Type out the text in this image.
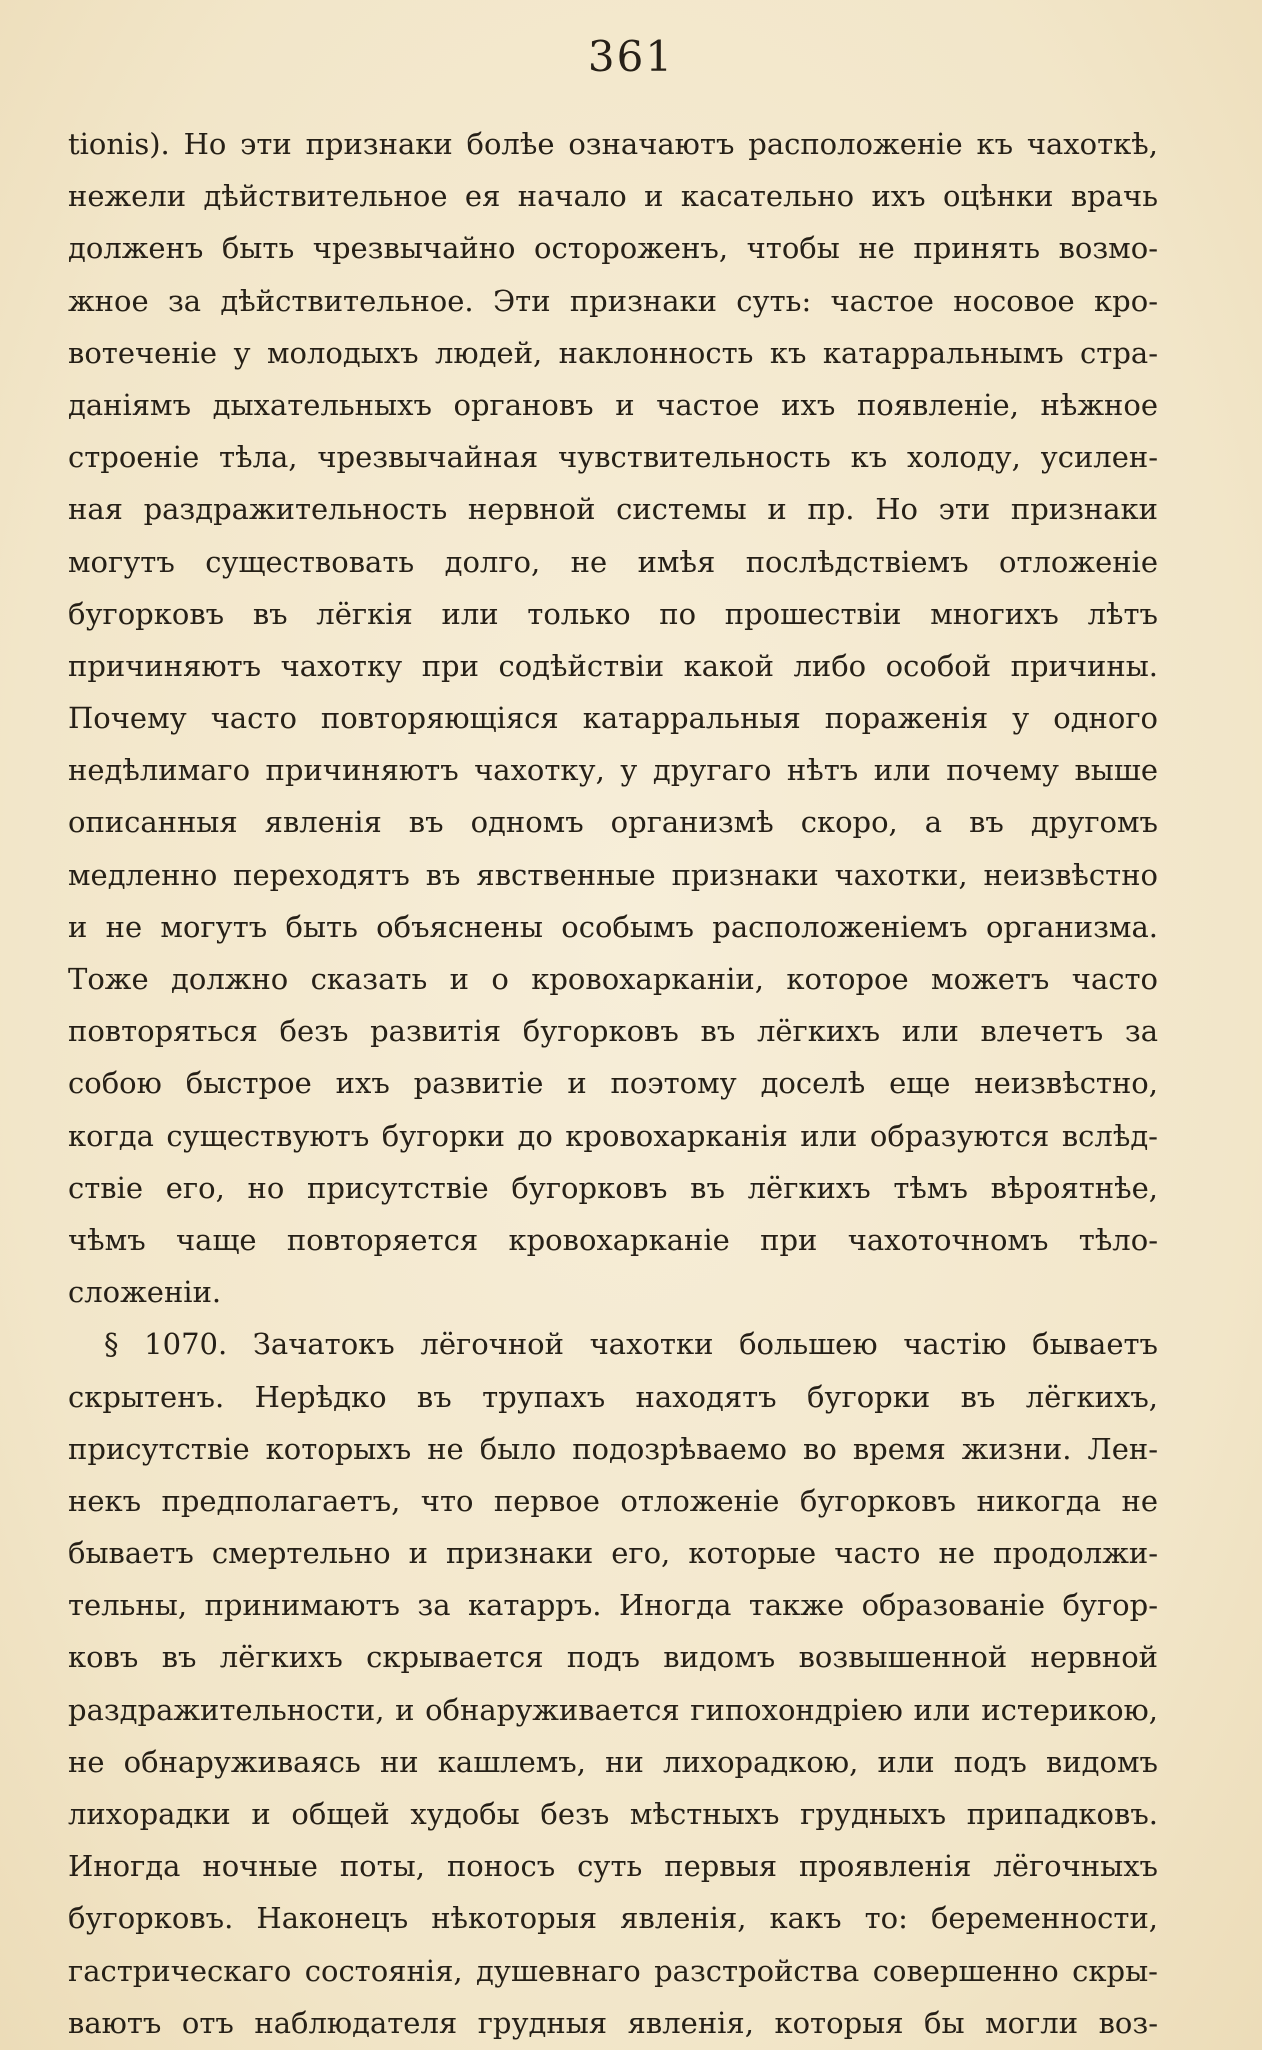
361
tionis). Но эти признаки болѣе означаютъ расположеніе къ чахоткѣ,
нежели дѣйствительное ея начало и касательно ихъ оцѣнки врачь
долженъ быть чрезвычайно остороженъ, чтобы не принять возмо-
жное за дѣйствительное. Эти признаки суть: частое носовое кро-
вотеченіе у молодыхъ людей, наклонность къ катарральнымъ стра-
даніямъ дыхательныхъ органовъ и частое ихъ появленіе, нѣжное
строеніе тѣла, чрезвычайная чувствительность къ холоду, усилен-
ная раздражительность нервной системы и пр. Но эти признаки
могутъ существовать долго, не имѣя послѣдствіемъ отложеніе
бугорковъ въ лёгкія или только по прошествіи многихъ лѣтъ
причиняютъ чахотку при содѣйствіи какой либо особой причины.
Почему часто повторяющіяся катарральныя пораженія у одного
недѣлимаго причиняютъ чахотку, у другаго нѣтъ или почему выше
описанныя явленія въ одномъ организмѣ скоро, а въ другомъ
медленно переходятъ въ явственные признаки чахотки, неизвѣстно
и не могутъ быть объяснены особымъ расположеніемъ организма.
Тоже должно сказать и о кровохарканіи, которое можетъ часто
повторяться безъ развитія бугорковъ въ лёгкихъ или влечетъ за
собою быстрое ихъ развитіе и поэтому доселѣ еще неизвѣстно,
когда существуютъ бугорки до кровохарканія или образуются вслѣд-
ствіе его, но присутствіе бугорковъ въ лёгкихъ тѣмъ вѣроятнѣе,
чѣмъ чаще повторяется кровохарканіе при чахоточномъ тѣло-
сложеніи.
§ 1070. Зачатокъ лёгочной чахотки большею частію бываетъ
скрытенъ. Нерѣдко въ трупахъ находятъ бугорки въ лёгкихъ,
присутствіе которыхъ не было подозрѣваемо во время жизни. Лен-
некъ предполагаетъ, что первое отложеніе бугорковъ никогда не
бываетъ смертельно и признаки его, которые часто не продолжи-
тельны, принимаютъ за катарръ. Иногда также образованіе бугор-
ковъ въ лёгкихъ скрывается подъ видомъ возвышенной нервной
раздражительности, и обнаруживается гипохондріею или истерикою,
не обнаруживаясь ни кашлемъ, ни лихорадкою, или подъ видомъ
лихорадки и общей худобы безъ мѣстныхъ грудныхъ припадковъ.
Иногда ночные поты, поносъ суть первыя проявленія лёгочныхъ
бугорковъ. Наконецъ нѣкоторыя явленія, какъ то: беременности,
гастрическаго состоянія, душевнаго разстройства совершенно скры-
ваютъ отъ наблюдателя грудныя явленія, которыя бы могли воз-
